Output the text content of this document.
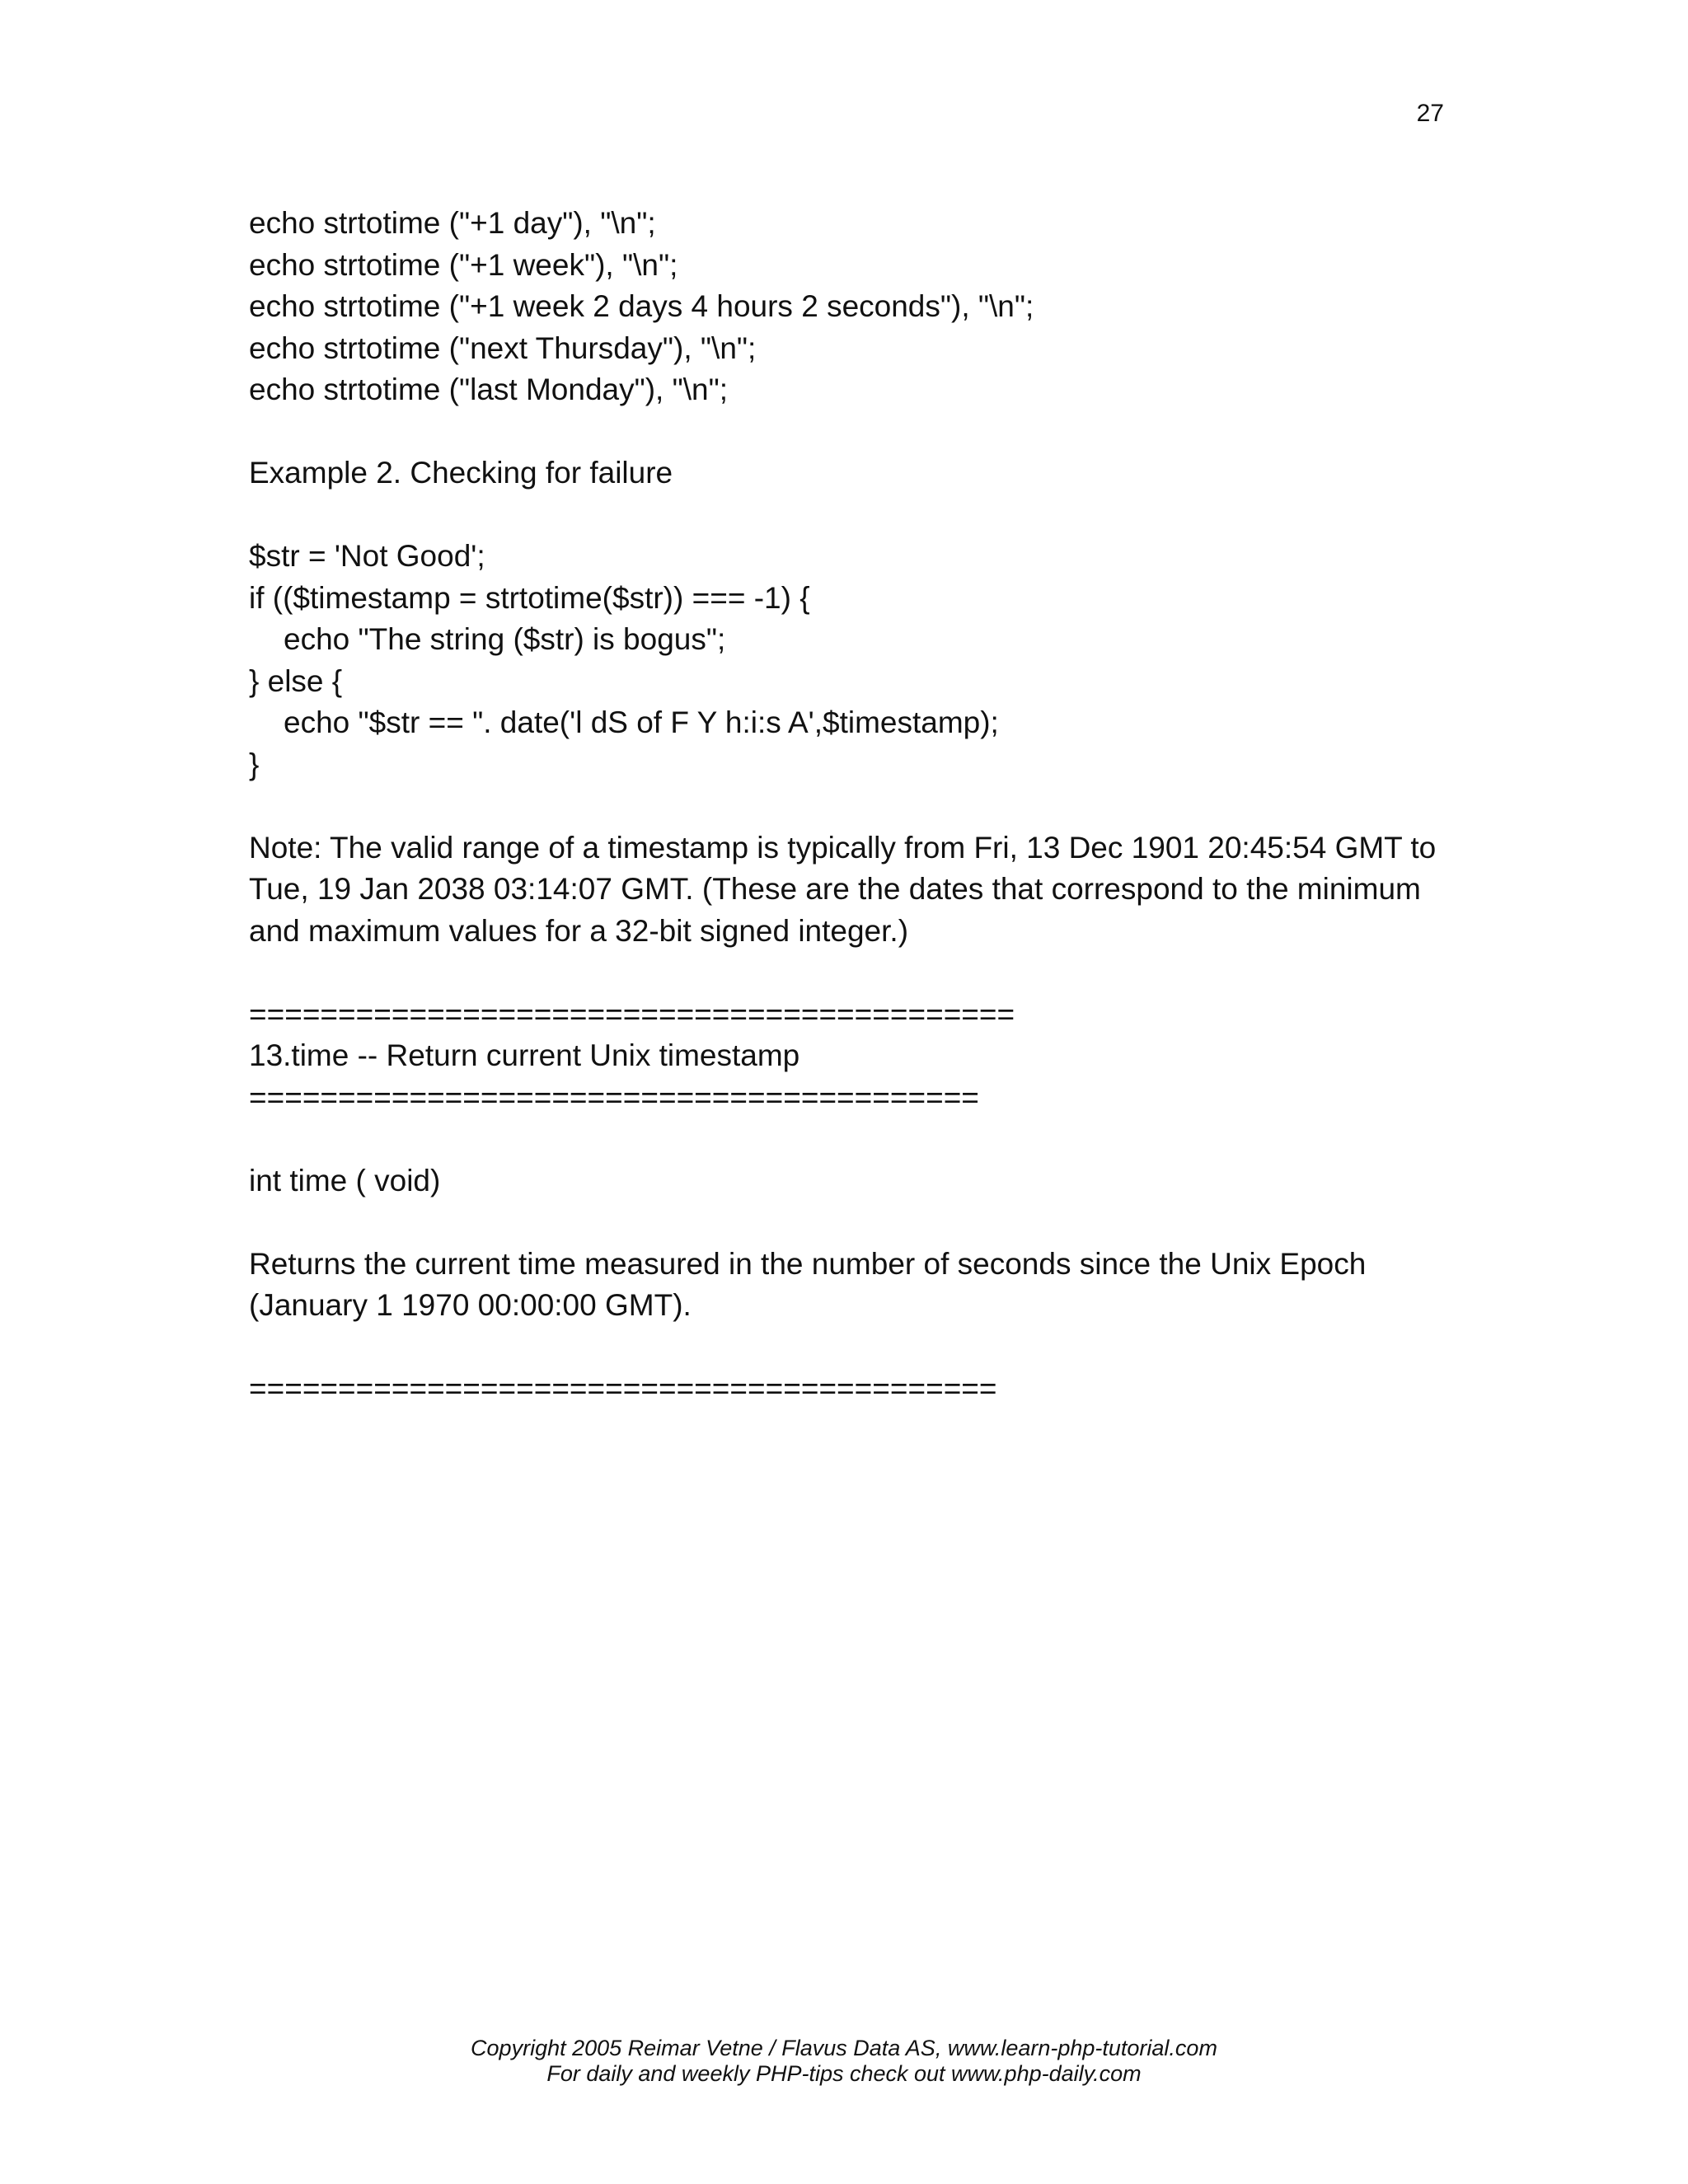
27
echo strtotime ("+1 day"), "\n";
echo strtotime ("+1 week"), "\n";
echo strtotime ("+1 week 2 days 4 hours 2 seconds"), "\n";
echo strtotime ("next Thursday"), "\n";
echo strtotime ("last Monday"), "\n";
Example 2. Checking for failure
$str = 'Not Good';
if (($timestamp = strtotime($str)) === -1) {
echo "The string ($str) is bogus";
} else {
echo "$str == ". date('l dS of F Y h:i:s A',$timestamp);
}
Note: The valid range of a timestamp is typically from Fri, 13 Dec 1901 20:45:54 GMT to
Tue, 19 Jan 2038 03:14:07 GMT. (These are the dates that correspond to the minimum
and maximum values for a 32-bit signed integer.)
===========================================
13.time -- Return current Unix timestamp
=========================================
int time ( void)
Returns the current time measured in the number of seconds since the Unix Epoch
(January 1 1970 00:00:00 GMT).
==========================================
Copyright 2005 Reimar Vetne / Flavus Data AS, www.learn-php-tutorial.com
For daily and weekly PHP-tips check out www.php-daily.com
